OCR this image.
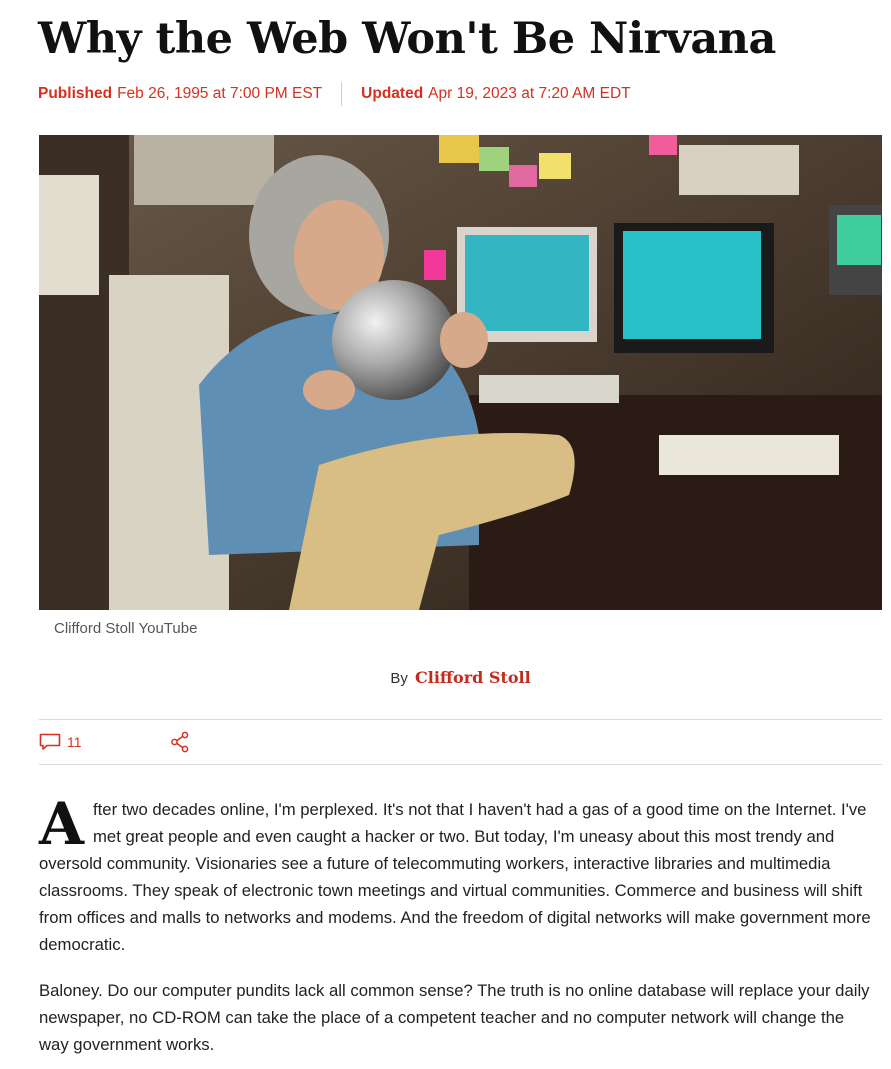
Why the Web Won't Be Nirvana
Published Feb 26, 1995 at 7:00 PM EST	Updated Apr 19, 2023 at 7:20 AM EDT
Clifford Stoll YouTube
By Clifford Stoll
11

After two decades online, I'm perplexed. It's not that I haven't had a gas of a good time on the Internet. I've met great people and even caught a hacker or two. But today, I'm uneasy about this most trendy and oversold community. Visionaries see a future of telecommuting workers, interactive libraries and multimedia classrooms. They speak of electronic town meetings and virtual communities. Commerce and business will shift from offices and malls to networks and modems. And the freedom of digital networks will make government more democratic.

Baloney. Do our computer pundits lack all common sense? The truth is no online database will replace your daily newspaper, no CD-ROM can take the place of a competent teacher and no computer network will change the way government works.
